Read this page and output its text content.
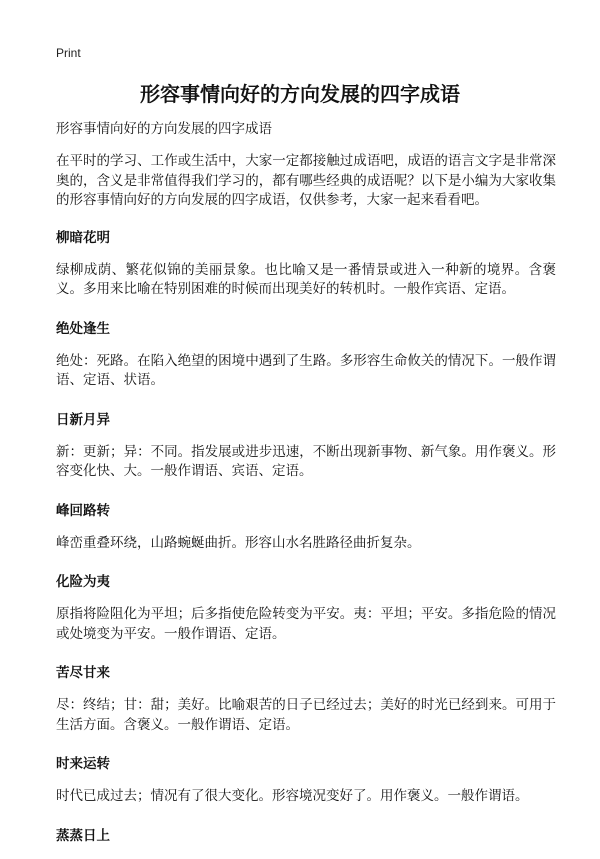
Print
形容事情向好的方向发展的四字成语

形容事情向好的方向发展的四字成语

在平时的学习、工作或生活中，大家一定都接触过成语吧，成语的语言文字是非常深奥的，含义是非常值得我们学习的，都有哪些经典的成语呢？以下是小编为大家收集的形容事情向好的方向发展的四字成语，仅供参考，大家一起来看看吧。

柳暗花明

绿柳成荫、繁花似锦的美丽景象。也比喻又是一番情景或进入一种新的境界。含褒义。多用来比喻在特别困难的时候而出现美好的转机时。一般作宾语、定语。

绝处逢生

绝处：死路。在陷入绝望的困境中遇到了生路。多形容生命攸关的情况下。一般作谓语、定语、状语。

日新月异

新：更新；异：不同。指发展或进步迅速，不断出现新事物、新气象。用作褒义。形容变化快、大。一般作谓语、宾语、定语。

峰回路转

峰峦重叠环绕，山路蜿蜒曲折。形容山水名胜路径曲折复杂。

化险为夷

原指将险阻化为平坦；后多指使危险转变为平安。夷：平坦；平安。多指危险的情况或处境变为平安。一般作谓语、定语。

苦尽甘来

尽：终结；甘：甜；美好。比喻艰苦的日子已经过去；美好的时光已经到来。可用于生活方面。含褒义。一般作谓语、定语。

时来运转

时代已成过去；情况有了很大变化。形容境况变好了。用作褒义。一般作谓语。

蒸蒸日上
